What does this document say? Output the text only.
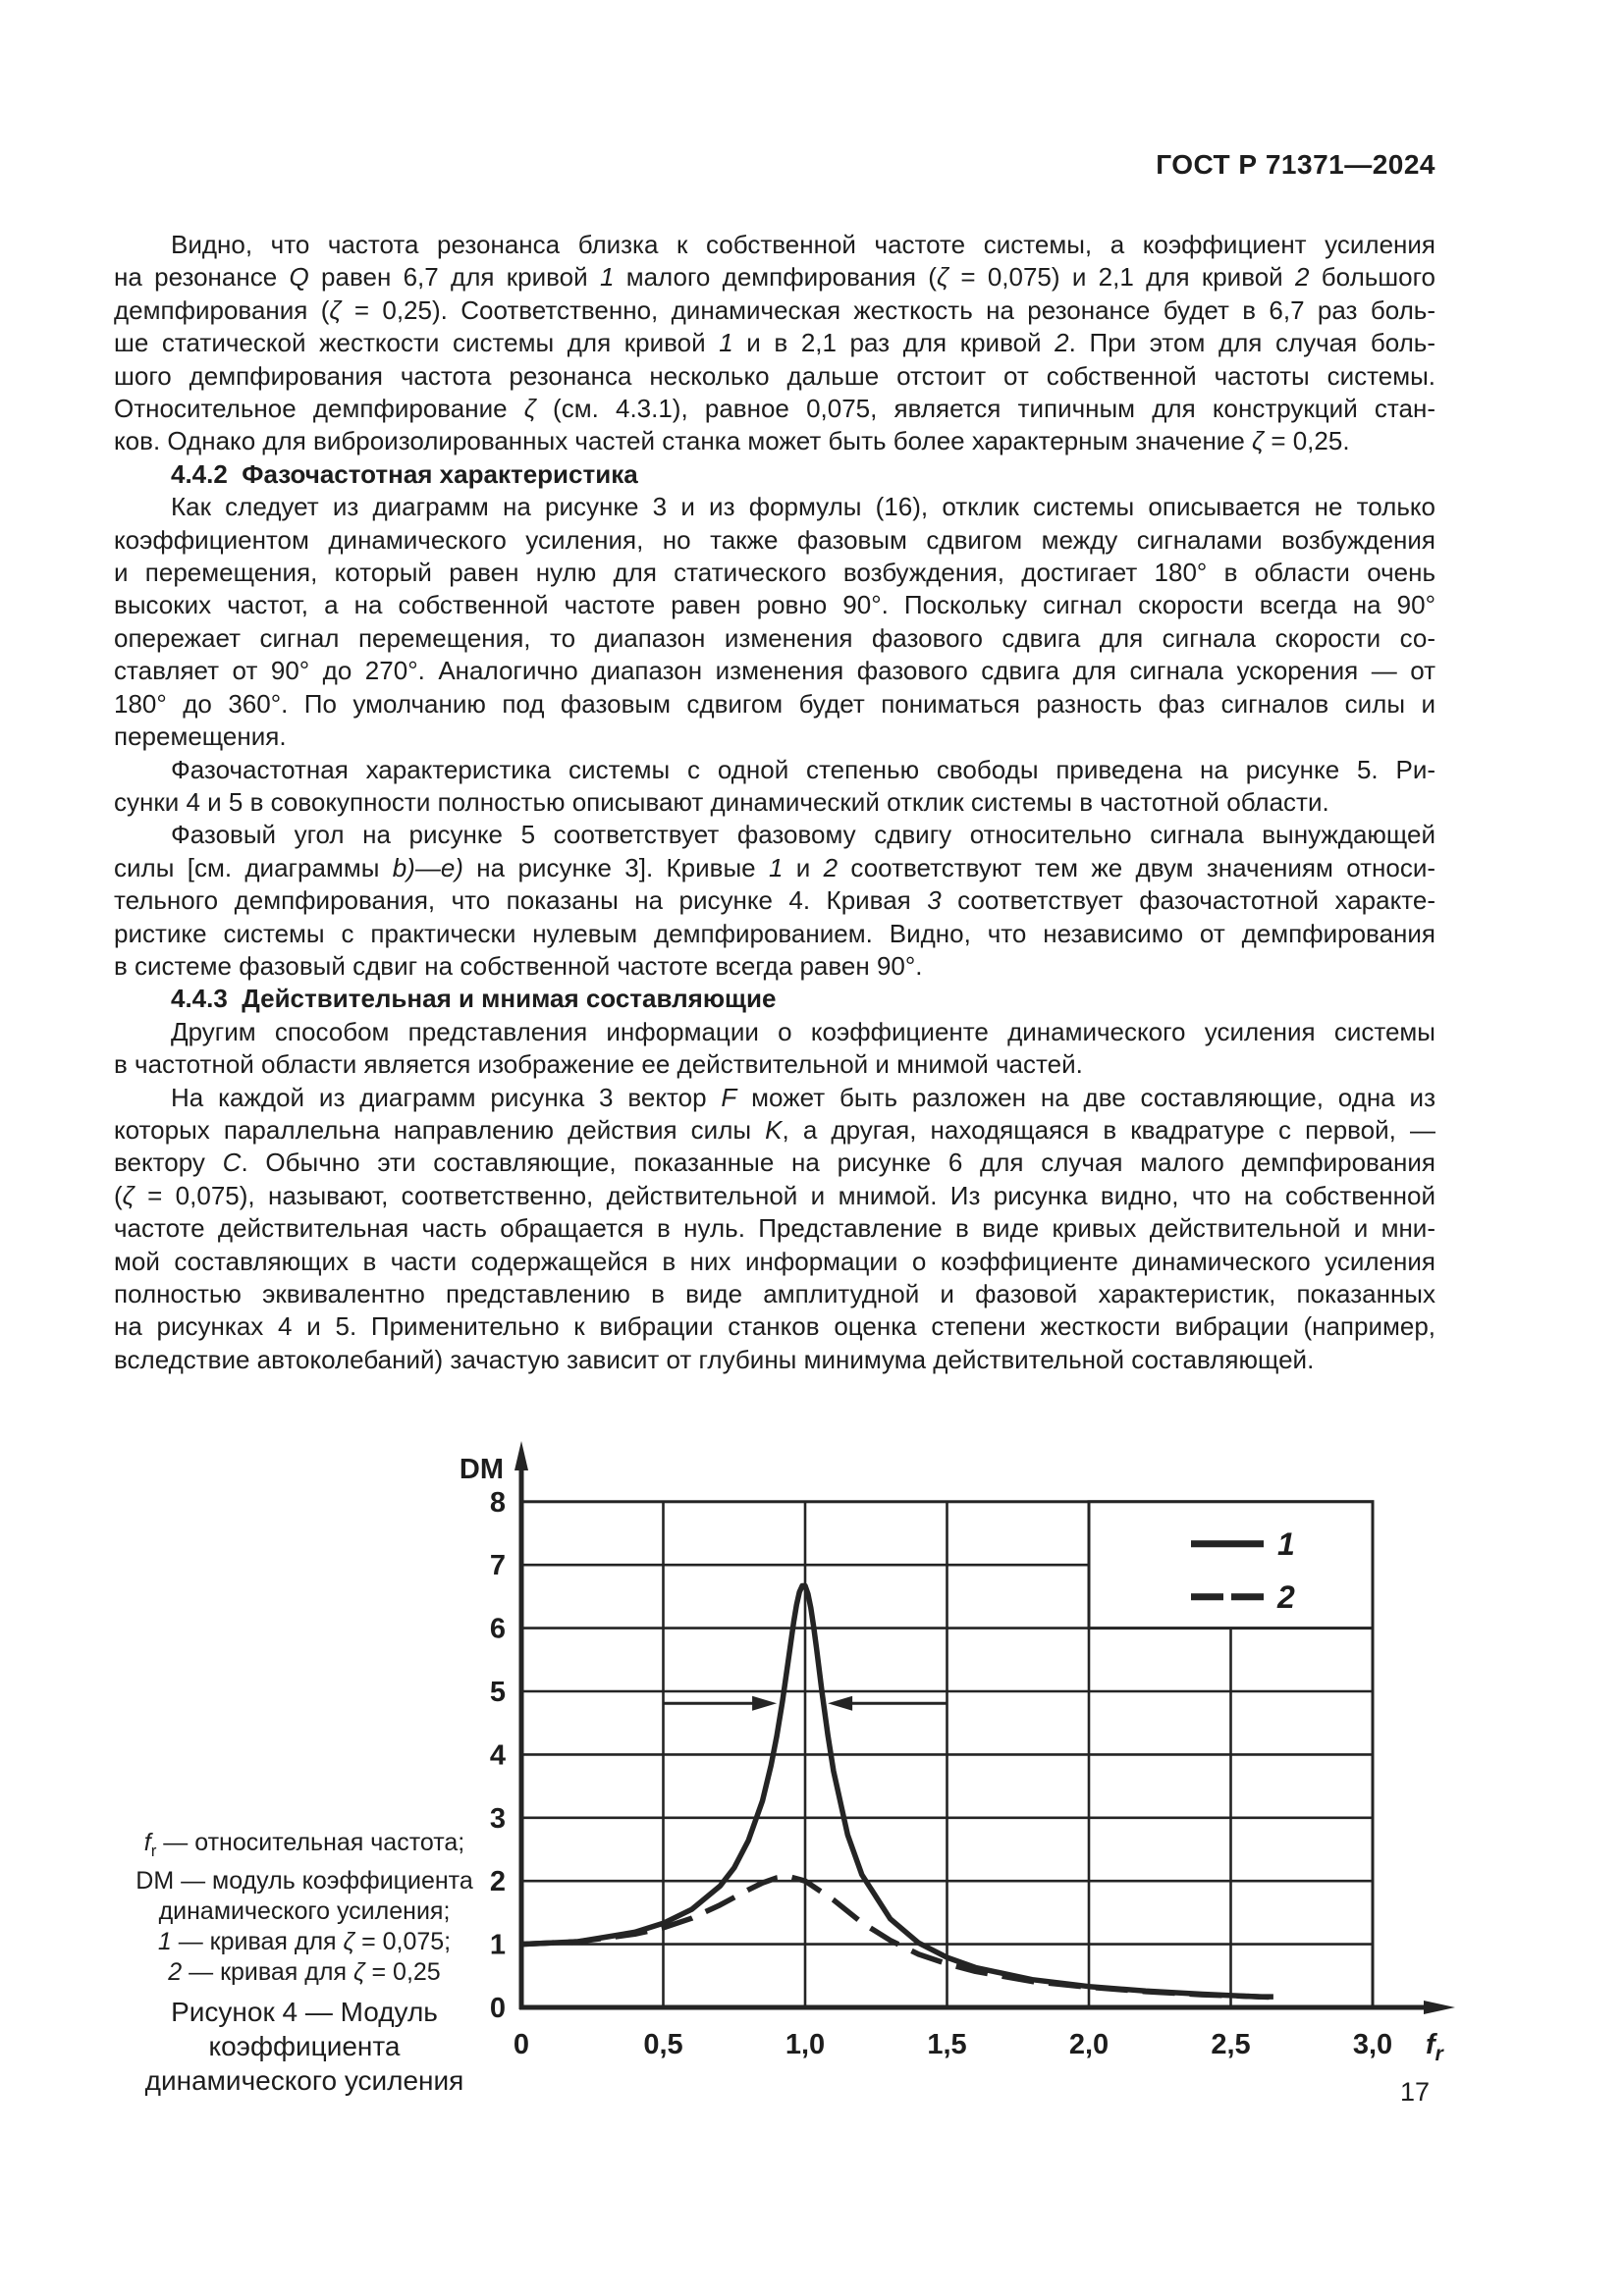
ГОСТ Р 71371—2024
Видно, что частота резонанса близка к собственной частоте системы, а коэффициент усиления
на резонансе Q равен 6,7 для кривой 1 малого демпфирования (ζ = 0,075) и 2,1 для кривой 2 большого
демпфирования (ζ = 0,25). Соответственно, динамическая жесткость на резонансе будет в 6,7 раз боль-
ше статической жесткости системы для кривой 1 и в 2,1 раз для кривой 2. При этом для случая боль-
шого демпфирования частота резонанса несколько дальше отстоит от собственной частоты системы.
Относительное демпфирование ζ (см. 4.3.1), равное 0,075, является типичным для конструкций стан-
ков. Однако для виброизолированных частей станка может быть более характерным значение ζ = 0,25.
4.4.2  Фазочастотная характеристика
Как следует из диаграмм на рисунке 3 и из формулы (16), отклик системы описывается не только
коэффициентом динамического усиления, но также фазовым сдвигом между сигналами возбуждения
и перемещения, который равен нулю для статического возбуждения, достигает 180° в области очень
высоких частот, а на собственной частоте равен ровно 90°. Поскольку сигнал скорости всегда на 90°
опережает сигнал перемещения, то диапазон изменения фазового сдвига для сигнала скорости со-
ставляет от 90° до 270°. Аналогично диапазон изменения фазового сдвига для сигнала ускорения — от
180° до 360°. По умолчанию под фазовым сдвигом будет пониматься разность фаз сигналов силы и
перемещения.
Фазочастотная характеристика системы с одной степенью свободы приведена на рисунке 5. Ри-
сунки 4 и 5 в совокупности полностью описывают динамический отклик системы в частотной области.
Фазовый угол на рисунке 5 соответствует фазовому сдвигу относительно сигнала вынуждающей
силы [см. диаграммы b)—e) на рисунке 3]. Кривые 1 и 2 соответствуют тем же двум значениям относи-
тельного демпфирования, что показаны на рисунке 4. Кривая 3 соответствует фазочастотной характе-
ристике системы с практически нулевым демпфированием. Видно, что независимо от демпфирования
в системе фазовый сдвиг на собственной частоте всегда равен 90°.
4.4.3  Действительная и мнимая составляющие
Другим способом представления информации о коэффициенте динамического усиления системы
в частотной области является изображение ее действительной и мнимой частей.
На каждой из диаграмм рисунка 3 вектор F может быть разложен на две составляющие, одна из
которых параллельна направлению действия силы K, а другая, находящаяся в квадратуре с первой, —
вектору C. Обычно эти составляющие, показанные на рисунке 6 для случая малого демпфирования
(ζ = 0,075), называют, соответственно, действительной и мнимой. Из рисунка видно, что на собственной
частоте действительная часть обращается в нуль. Представление в виде кривых действительной и мни-
мой составляющих в части содержащейся в них информации о коэффициенте динамического усиления
полностью эквивалентно представлению в виде амплитудной и фазовой характеристик, показанных
на рисунках 4 и 5. Применительно к вибрации станков оценка степени жесткости вибрации (например,
вследствие автоколебаний) зачастую зависит от глубины минимума действительной составляющей.
$f_r$ — относительная частота;
DM — модуль коэффициента
динамического усиления;
1 — кривая для ζ = 0,075;
2 — кривая для ζ = 0,25
Рисунок 4 — Модуль
коэффициента
динамического усиления
1
2
0
1
2
3
4
5
6
7
8
0	0,5	1,0	1,5	2,0	2,5	3,0
DM
$f_r$
17
